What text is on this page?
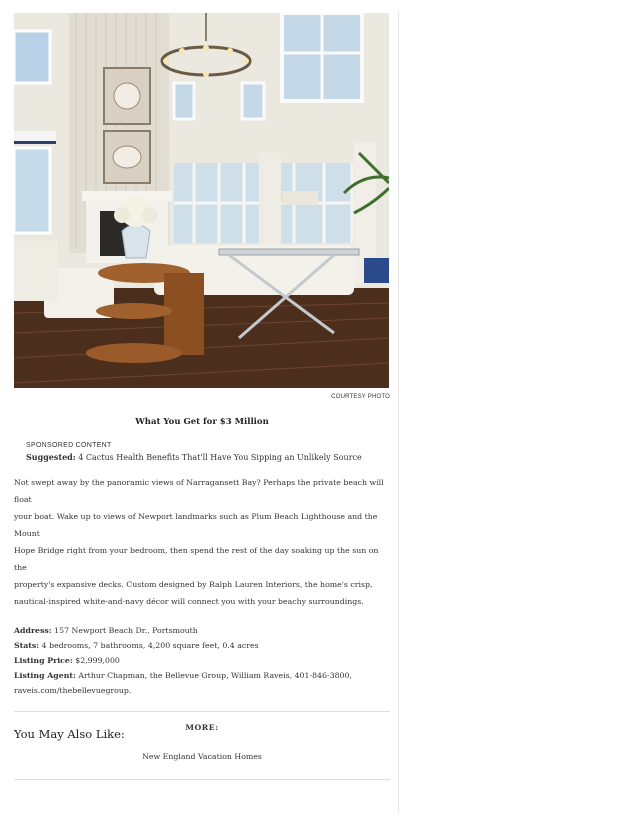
COURTESY PHOTO
What You Get for $3 Million
SPONSORED CONTENT
Suggested: 4 Cactus Health Benefits That'll Have You Sipping an Unlikely Source
Not swept away by the panoramic views of Narragansett Bay? Perhaps the private beach will float
your boat. Wake up to views of Newport landmarks such as Plum Beach Lighthouse and the Mount
Hope Bridge right from your bedroom, then spend the rest of the day soaking up the sun on the
property's expansive decks. Custom designed by Ralph Lauren Interiors, the home's crisp,
nautical-inspired white-and-navy décor will connect you with your beachy surroundings.
Address: 157 Newport Beach Dr., Portsmouth
Stats: 4 bedrooms, 7 bathrooms, 4,200 square feet, 0.4 acres
Listing Price: $2,999,000
Listing Agent: Arthur Chapman, the Bellevue Group, William Raveis, 401-846-3800,
raveis.com/thebellevuegroup.
MORE:
New England Vacation Homes
You May Also Like:
